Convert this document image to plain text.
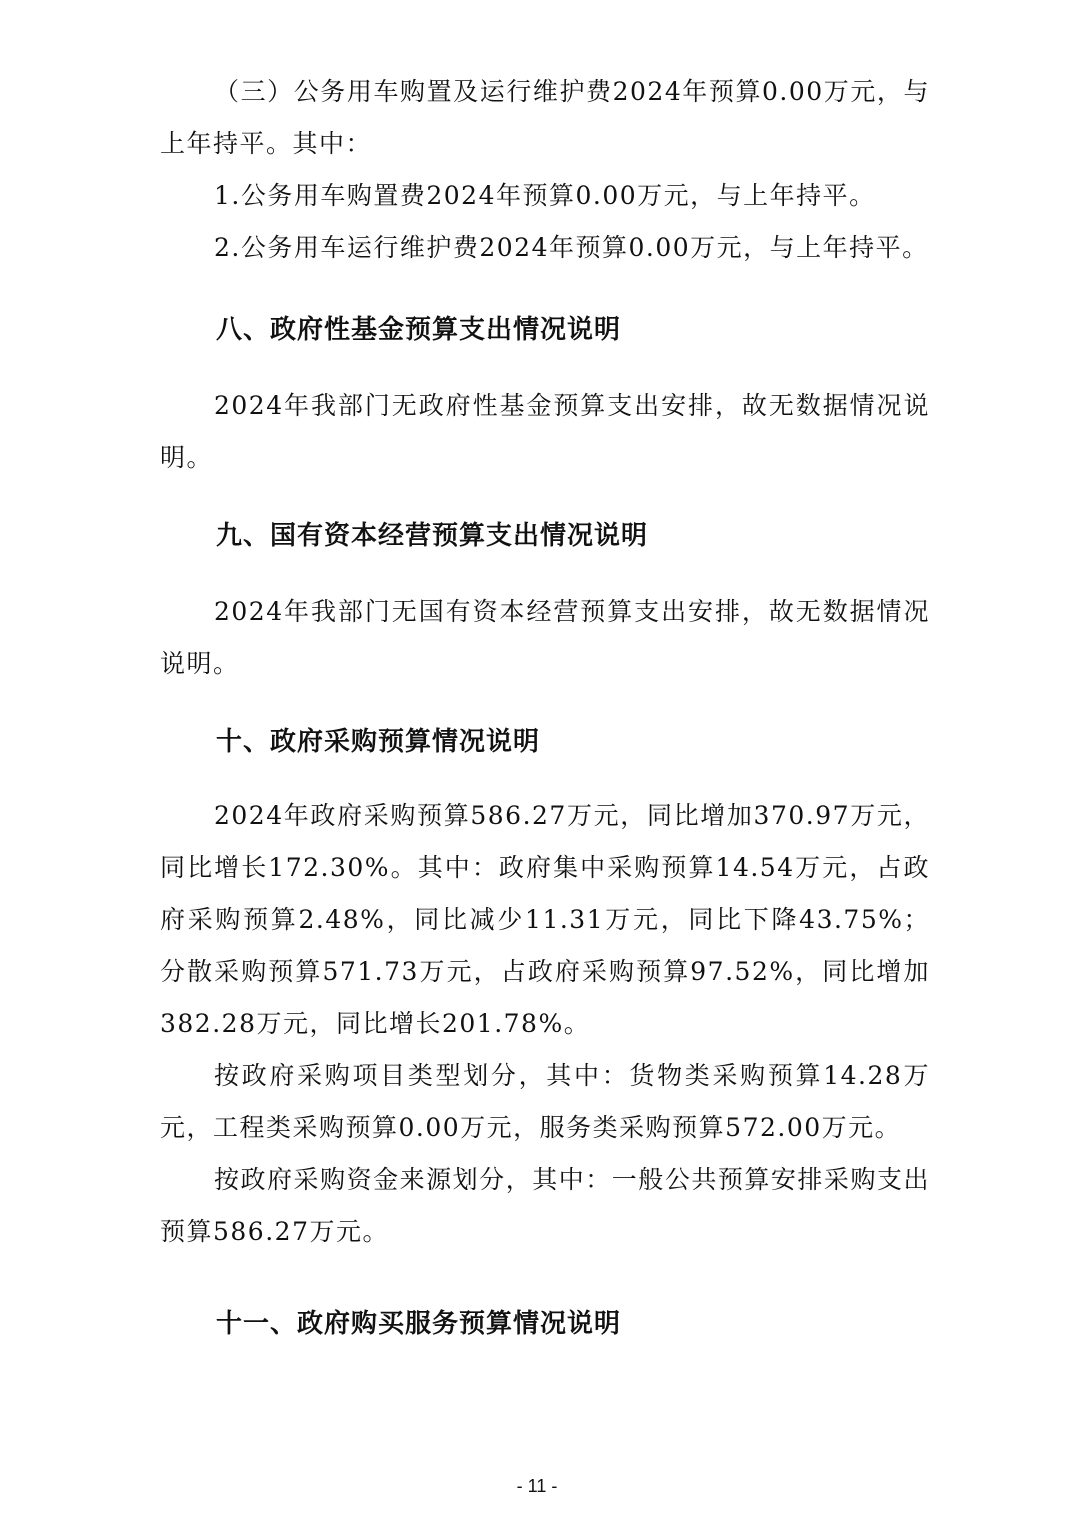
（三）公务用车购置及运行维护费2024年预算0.00万元，与上年持平。其中：

1.公务用车购置费2024年预算0.00万元，与上年持平。

2.公务用车运行维护费2024年预算0.00万元，与上年持平。

八、政府性基金预算支出情况说明

2024年我部门无政府性基金预算支出安排，故无数据情况说明。

九、国有资本经营预算支出情况说明

2024年我部门无国有资本经营预算支出安排，故无数据情况说明。

十、政府采购预算情况说明

2024年政府采购预算586.27万元，同比增加370.97万元，同比增长172.30%。其中：政府集中采购预算14.54万元，占政府采购预算2.48%，同比减少11.31万元，同比下降43.75%；分散采购预算571.73万元，占政府采购预算97.52%，同比增加382.28万元，同比增长201.78%。

按政府采购项目类型划分，其中：货物类采购预算14.28万元，工程类采购预算0.00万元，服务类采购预算572.00万元。

按政府采购资金来源划分，其中：一般公共预算安排采购支出预算586.27万元。

十一、政府购买服务预算情况说明
- 11 -
